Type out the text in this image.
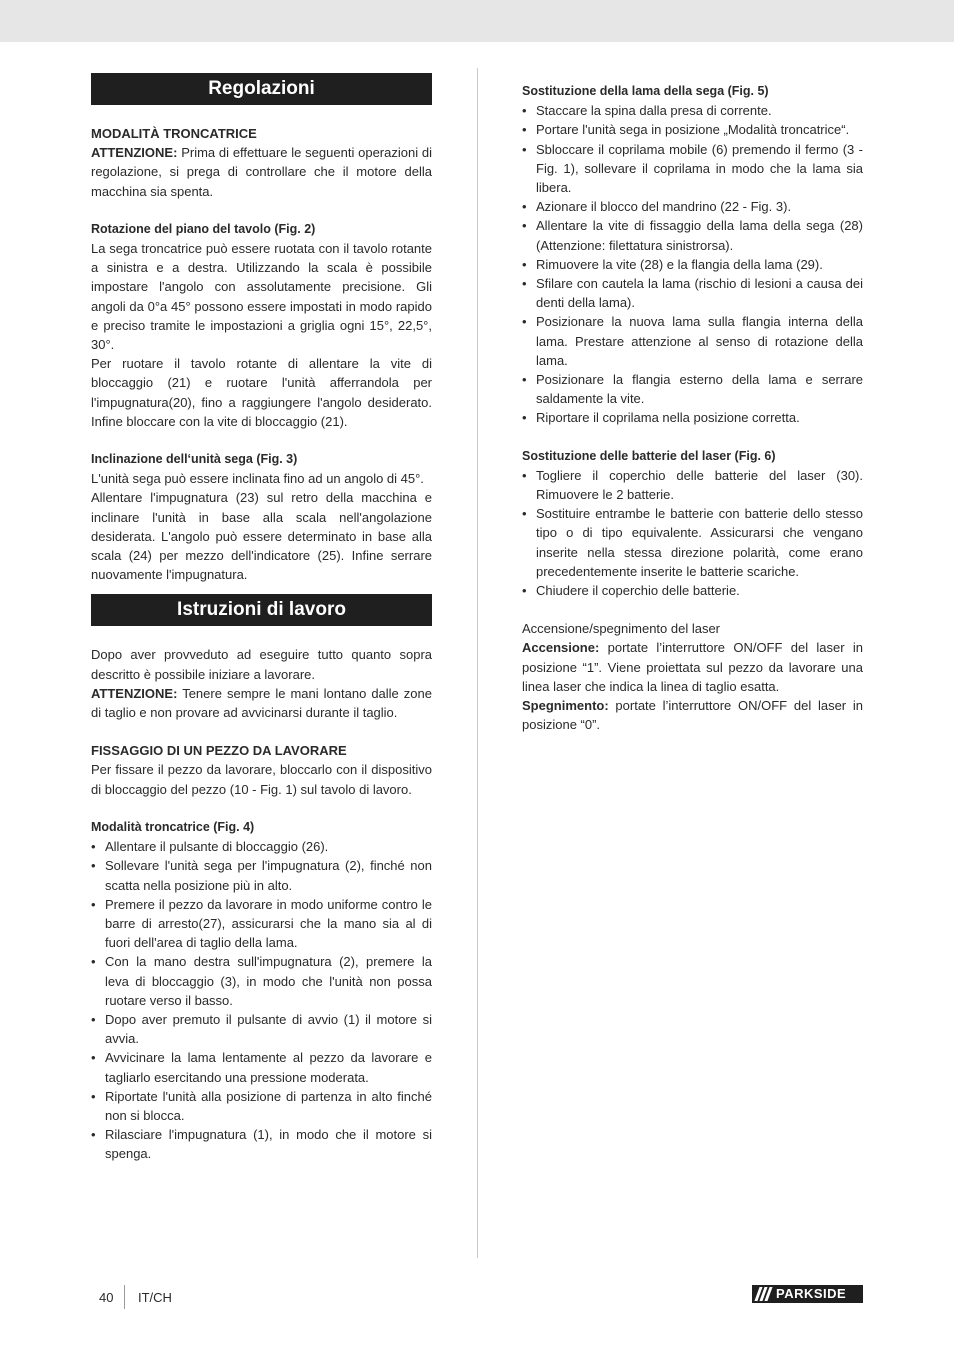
Regolazioni
MODALITÀ TRONCATRICE

ATTENZIONE: Prima di effettuare le seguenti operazioni di regolazione, si prega di controllare che il motore della macchina sia spenta.

Rotazione del piano del tavolo (Fig. 2)

La sega troncatrice può essere ruotata con il tavolo rotante a sinistra e a destra. Utilizzando la scala è possibile impostare l'angolo con assolutamente precisione. Gli angoli da 0°a 45° possono essere impostati in modo rapido e preciso tramite le impostazioni a griglia ogni 15°, 22,5°, 30°.

Per ruotare il tavolo rotante di allentare la vite di bloccaggio (21) e ruotare l'unità afferrandola per l'impugnatura(20), fino a raggiungere l'angolo desiderato. Infine bloccare con la vite di bloccaggio (21).

Inclinazione dell‘unità sega (Fig. 3)

L'unità sega può essere inclinata fino ad un angolo di 45°.

Allentare l'impugnatura (23) sul retro della macchina e inclinare l'unità in base alla scala nell'angolazione desiderata. L'angolo può essere determinato in base alla scala (24) per mezzo dell'indicatore (25). Infine serrare nuovamente l'impugnatura.

Istruzioni di lavoro

Dopo aver provveduto ad eseguire tutto quanto sopra descritto è possibile iniziare a lavorare.

ATTENZIONE: Tenere sempre le mani lontano dalle zone di taglio e non provare ad avvicinarsi durante il taglio.

FISSAGGIO DI UN PEZZO DA LAVORARE

Per fissare il pezzo da lavorare, bloccarlo con il dispositivo di bloccaggio del pezzo (10 - Fig. 1) sul tavolo di lavoro.

Modalità troncatrice (Fig. 4)
• Allentare il pulsante di bloccaggio (26).
• Sollevare l'unità sega per l'impugnatura (2), finché non scatta nella posizione più in alto.
• Premere il pezzo da lavorare in modo uniforme contro le barre di arresto(27), assicurarsi che la mano sia al di fuori dell'area di taglio della lama.
• Con la mano destra sull'impugnatura (2), premere la leva di bloccaggio (3), in modo che l'unità non possa ruotare verso il basso.
• Dopo aver premuto il pulsante di avvio (1) il motore si avvia.
• Avvicinare la lama lentamente al pezzo da lavorare e tagliarlo esercitando una pressione moderata.
• Riportate l'unità alla posizione di partenza in alto finché non si blocca.
• Rilasciare l'impugnatura (1), in modo che il motore si spenga.
Sostituzione della lama della sega (Fig. 5)
• Staccare la spina dalla presa di corrente.
• Portare l'unità sega in posizione „Modalità troncatrice“.
• Sbloccare il coprilama mobile (6) premendo il fermo (3 - Fig. 1), sollevare il coprilama in modo che la lama sia libera.
• Azionare il blocco del mandrino (22 - Fig. 3).
• Allentare la vite di fissaggio della lama della sega (28) (Attenzione: filettatura sinistrorsa).
• Rimuovere la vite (28) e la flangia della lama (29).
• Sfilare con cautela la lama (rischio di lesioni a causa dei denti della lama).
• Posizionare la nuova lama sulla flangia interna della lama. Prestare attenzione al senso di rotazione della lama.
• Posizionare la flangia esterno della lama e serrare saldamente la vite.
• Riportare il coprilama nella posizione corretta.
Sostituzione delle batterie del laser (Fig. 6)
• Togliere il coperchio delle batterie del laser (30). Rimuovere le 2 batterie.
• Sostituire entrambe le batterie con batterie dello stesso tipo o di tipo equivalente. Assicurarsi che vengano inserite nella stessa direzione polarità, come erano precedentemente inserite le batterie scariche.
• Chiudere il coperchio delle batterie.

Accensione/spegnimento del laser

Accensione: portate l’interruttore ON/OFF del laser in posizione “1”. Viene proiettata sul pezzo da lavorare una linea laser che indica la linea di taglio esatta.

Spegnimento: portate l’interruttore ON/OFF del laser in posizione “0”.

40 IT/CH	PARKSIDE
